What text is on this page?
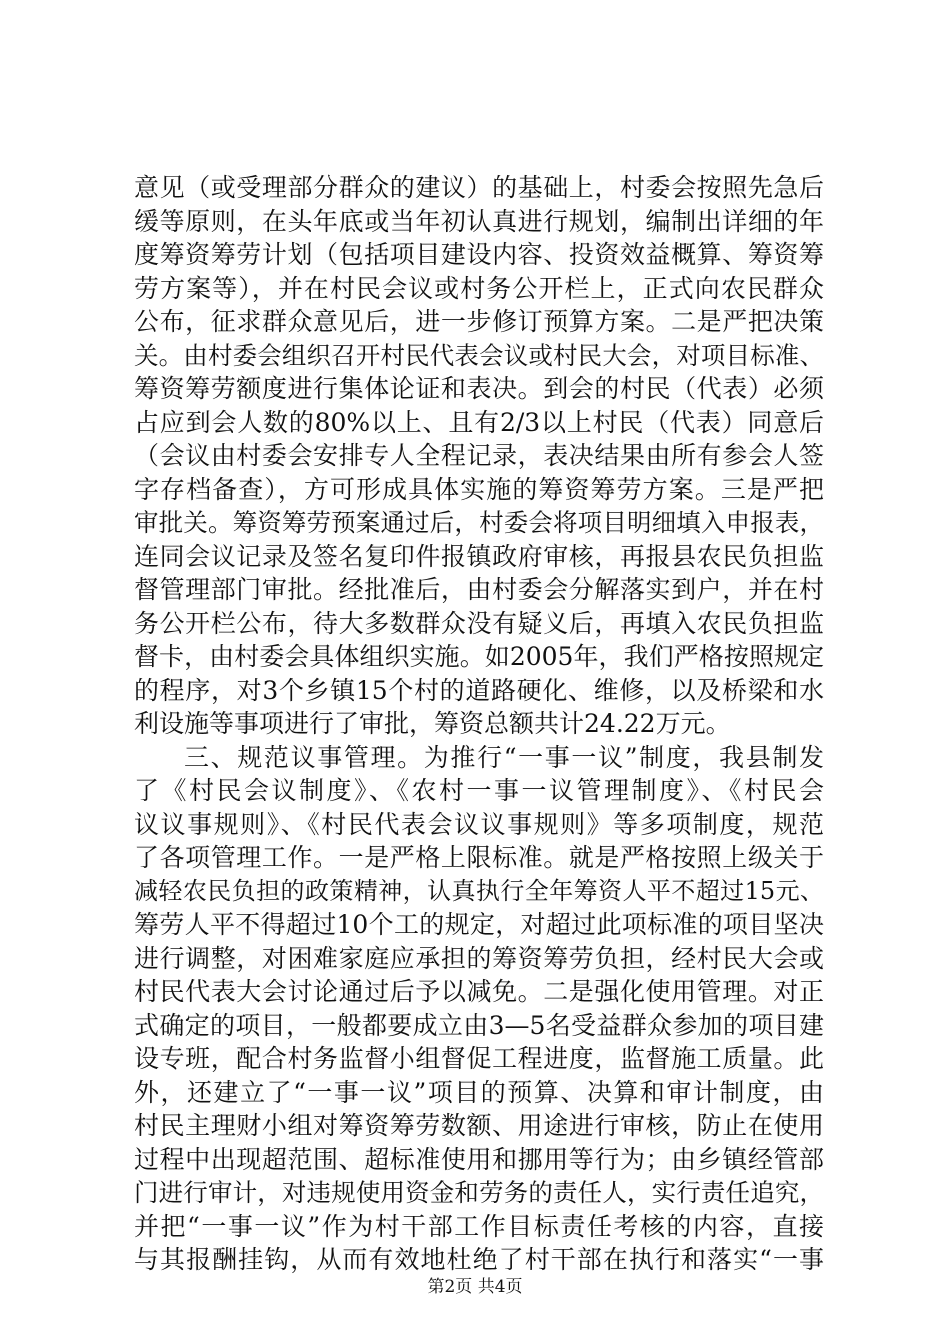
意见（或受理部分群众的建议）的基础上，村委会按照先急后
缓等原则，在头年底或当年初认真进行规划，编制出详细的年
度筹资筹劳计划（包括项目建设内容、投资效益概算、筹资筹
劳方案等），并在村民会议或村务公开栏上，正式向农民群众
公布，征求群众意见后，进一步修订预算方案。二是严把决策
关。由村委会组织召开村民代表会议或村民大会，对项目标准、
筹资筹劳额度进行集体论证和表决。到会的村民（代表）必须
占应到会人数的80%以上、且有2/3以上村民（代表）同意后
（会议由村委会安排专人全程记录，表决结果由所有参会人签
字存档备查），方可形成具体实施的筹资筹劳方案。三是严把
审批关。筹资筹劳预案通过后，村委会将项目明细填入申报表，
连同会议记录及签名复印件报镇政府审核，再报县农民负担监
督管理部门审批。经批准后，由村委会分解落实到户，并在村
务公开栏公布，待大多数群众没有疑义后，再填入农民负担监
督卡，由村委会具体组织实施。如2005年，我们严格按照规定
的程序，对3个乡镇15个村的道路硬化、维修，以及桥梁和水
利设施等事项进行了审批，筹资总额共计24.22万元。
三、规范议事管理。为推行“一事一议”制度，我县制发
了《村民会议制度》、《农村一事一议管理制度》、《村民会
议议事规则》、《村民代表会议议事规则》等多项制度，规范
了各项管理工作。一是严格上限标准。就是严格按照上级关于
减轻农民负担的政策精神，认真执行全年筹资人平不超过15元、
筹劳人平不得超过10个工的规定，对超过此项标准的项目坚决
进行调整，对困难家庭应承担的筹资筹劳负担，经村民大会或
村民代表大会讨论通过后予以减免。二是强化使用管理。对正
式确定的项目，一般都要成立由3—5名受益群众参加的项目建
设专班，配合村务监督小组督促工程进度，监督施工质量。此
外，还建立了“一事一议”项目的预算、决算和审计制度，由
村民主理财小组对筹资筹劳数额、用途进行审核，防止在使用
过程中出现超范围、超标准使用和挪用等行为；由乡镇经管部
门进行审计，对违规使用资金和劳务的责任人，实行责任追究，
并把“一事一议”作为村干部工作目标责任考核的内容，直接
与其报酬挂钩，从而有效地杜绝了村干部在执行和落实“一事
第2页 共4页
